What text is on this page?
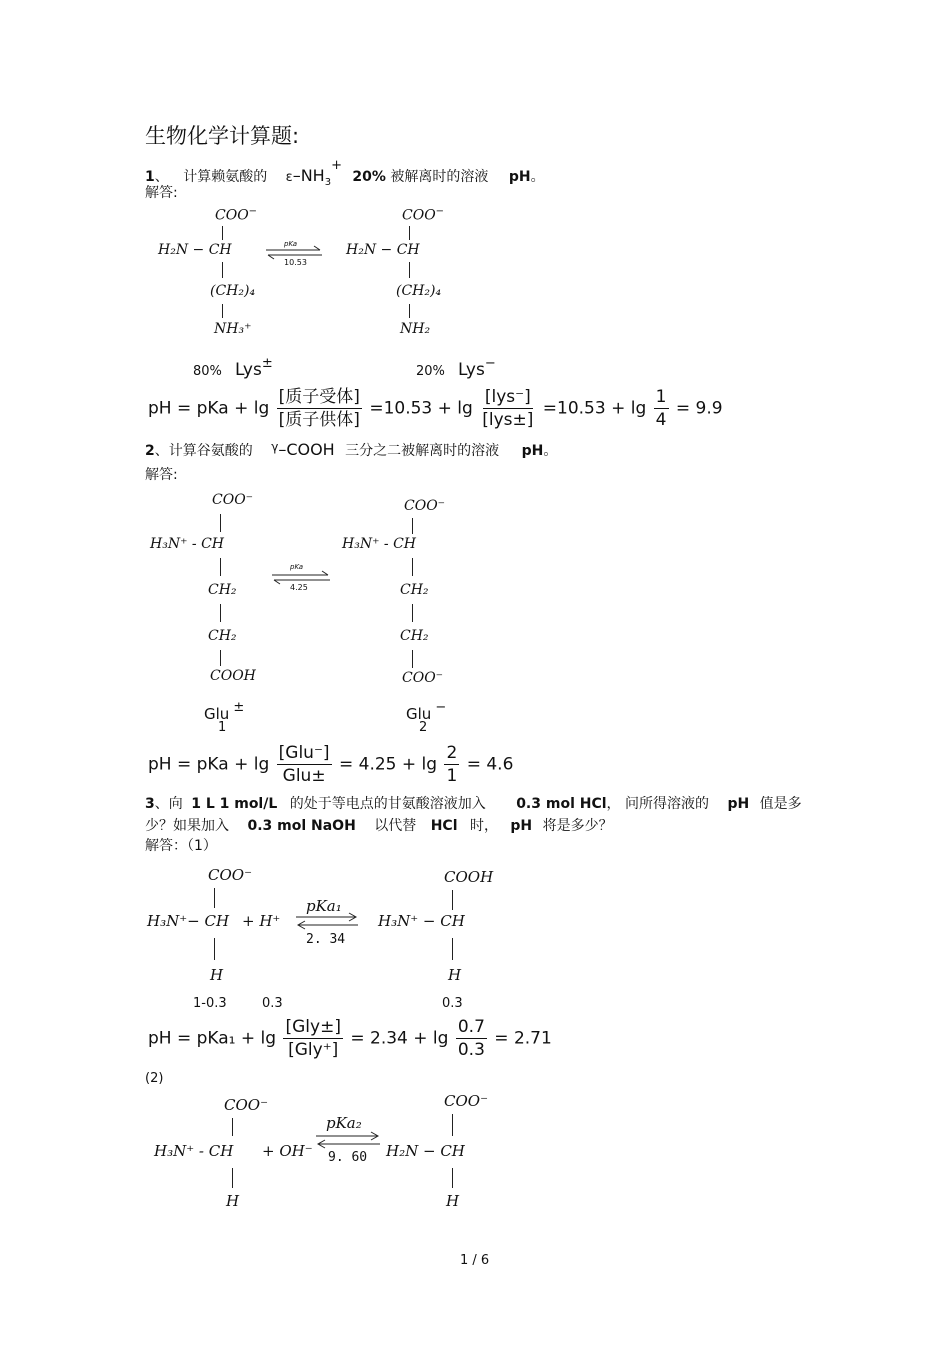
生物化学计算题:
1、 计算赖氨酸的 $\varepsilon-NH_3+ 20\%$ 被解离时的溶液 pH。
解答:
COO−
H₂N − CH
(CH₂)₄
NH₃⁺
pKa
10.53
COO−
H₂N − CH
(CH₂)₄
NH₂
80% Lys±
20% Lys−
pH = pKa + $\lg \frac{\text{[质子受体]}}{\text{[质子供体]}} =10.53 + \lg \frac{\text{[lys⁻]}}{\text{[lys±]}} =10.53 + \lg \frac{1}{4} = 9.9$
2、计算谷氨酸的 γ–COOH 三分之二被解离时的溶液 pH。
解答:
COO⁻
H₃N⁺ - CH
CH₂
CH₂
COOH
pKa
4.25
COO⁻
H₃N⁺ - CH
CH₂
CH₂
COO⁻
Glu ±
1
Glu −
2
pH = pKa + $\lg \frac{\text{[Glu⁻]}}{\text{Glu±}} = 4.25 + \lg \frac{2}{1} = 4.6$
3、向 1 L 1 mol/L 的处于等电点的甘氨酸溶液加入 0.3 mol HCl， 问所得溶液的 pH 值是多
少？如果加入 0.3 mol NaOH 以代替 HCl 时， pH 将是多少？
解答：（1）
COO⁻
H₃N⁺− CH + H⁺
H
pKa₁
2. 34
COOH
H₃N⁺ − CH
H
1-0.3	0.3	0.3
pH = $pKa_1 + \lg \frac{\text{[Gly±]}}{\text{[Gly⁺]}} = 2.34 + \lg \frac{0.7}{0.3} = 2.71$
(2)
COO⁻
H₃N⁺ - CH + OH⁻
H
pKa₂
9. 60
COO⁻
H₂N − CH
H
1 / 6
